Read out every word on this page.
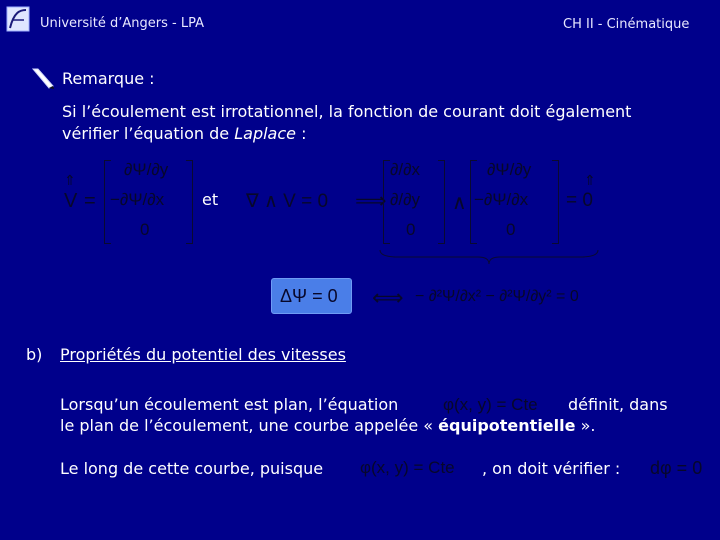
Université d’Angers - LPA	CH II - Cinématique
Remarque :
Si l’écoulement est irrotationnel, la fonction de courant doit également
vérifier l’équation de Laplace :
⇑
V =
∂Ψ/∂y
−∂Ψ/∂x
0
et ∇ ∧ V = 0 ⟹
∂/∂x
∂/∂y
0
∧
∂Ψ/∂y
−∂Ψ/∂x
0
= 0
⇑
ΔΨ = 0 ⟺ − ∂²Ψ/∂x² − ∂²Ψ/∂y² = 0
b) Propriétés du potentiel des vitesses
Lorsqu’un écoulement est plan, l’équation	φ(x, y) = Cte définit, dans
le plan de l’écoulement, une courbe appelée « équipotentielle ».
Le long de cette courbe, puisque φ(x, y) = Cte , on doit vérifier : dφ = 0
